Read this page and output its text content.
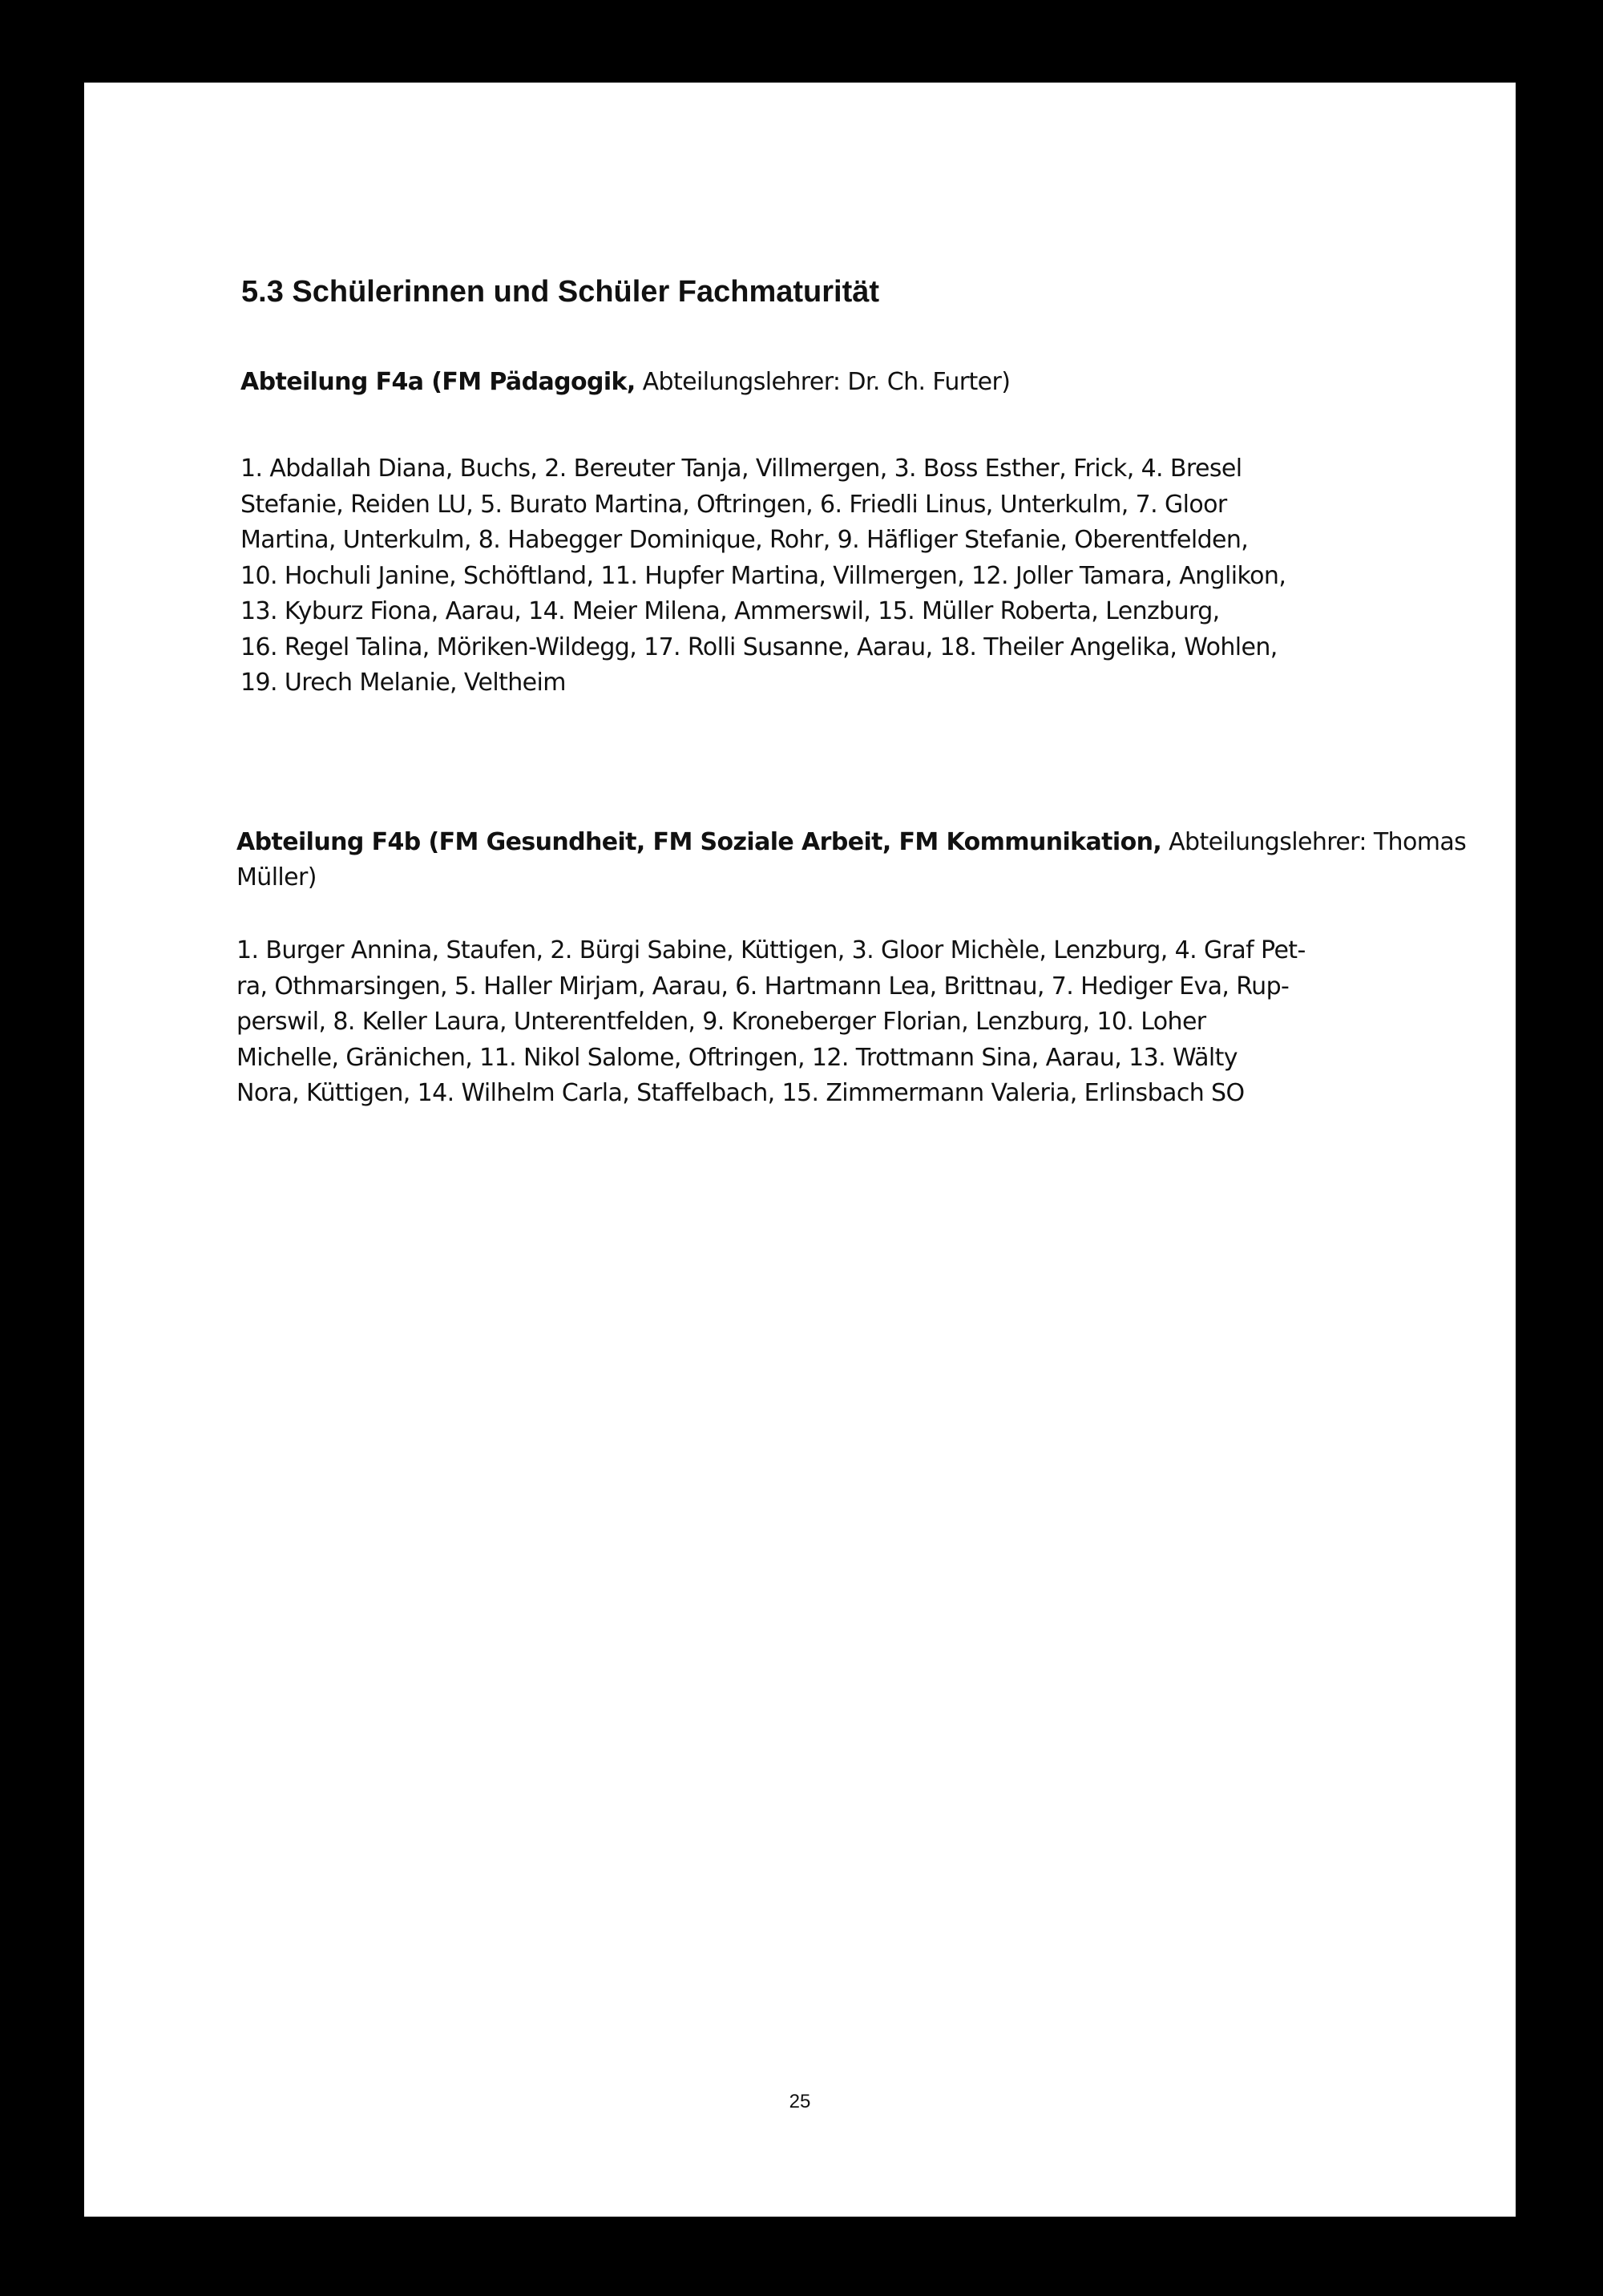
5.3 Schülerinnen und Schüler Fachmaturität

Abteilung F4a (FM Pädagogik, Abteilungslehrer: Dr. Ch. Furter)

1. Abdallah Diana, Buchs, 2. Bereuter Tanja, Villmergen, 3. Boss Esther, Frick, 4. Bresel
Stefanie, Reiden LU, 5. Burato Martina, Oftringen, 6. Friedli Linus, Unterkulm, 7. Gloor
Martina, Unterkulm, 8. Habegger Dominique, Rohr, 9. Häfliger Stefanie, Oberentfelden,
10. Hochuli Janine, Schöftland, 11. Hupfer Martina, Villmergen, 12. Joller Tamara, Anglikon,
13. Kyburz Fiona, Aarau, 14. Meier Milena, Ammerswil, 15. Müller Roberta, Lenzburg,
16. Regel Talina, Möriken-Wildegg, 17. Rolli Susanne, Aarau, 18. Theiler Angelika, Wohlen,
19. Urech Melanie, Veltheim

Abteilung F4b (FM Gesundheit, FM Soziale Arbeit, FM Kommunikation, Abteilungslehrer: Thomas Müller)

1. Burger Annina, Staufen, 2. Bürgi Sabine, Küttigen, 3. Gloor Michèle, Lenzburg, 4. Graf Pet-
ra, Othmarsingen, 5. Haller Mirjam, Aarau, 6. Hartmann Lea, Brittnau, 7. Hediger Eva, Rup-
perswil, 8. Keller Laura, Unterentfelden, 9. Kroneberger Florian, Lenzburg, 10. Loher
Michelle, Gränichen, 11. Nikol Salome, Oftringen, 12. Trottmann Sina, Aarau, 13. Wälty
Nora, Küttigen, 14. Wilhelm Carla, Staffelbach, 15. Zimmermann Valeria, Erlinsbach SO
25
